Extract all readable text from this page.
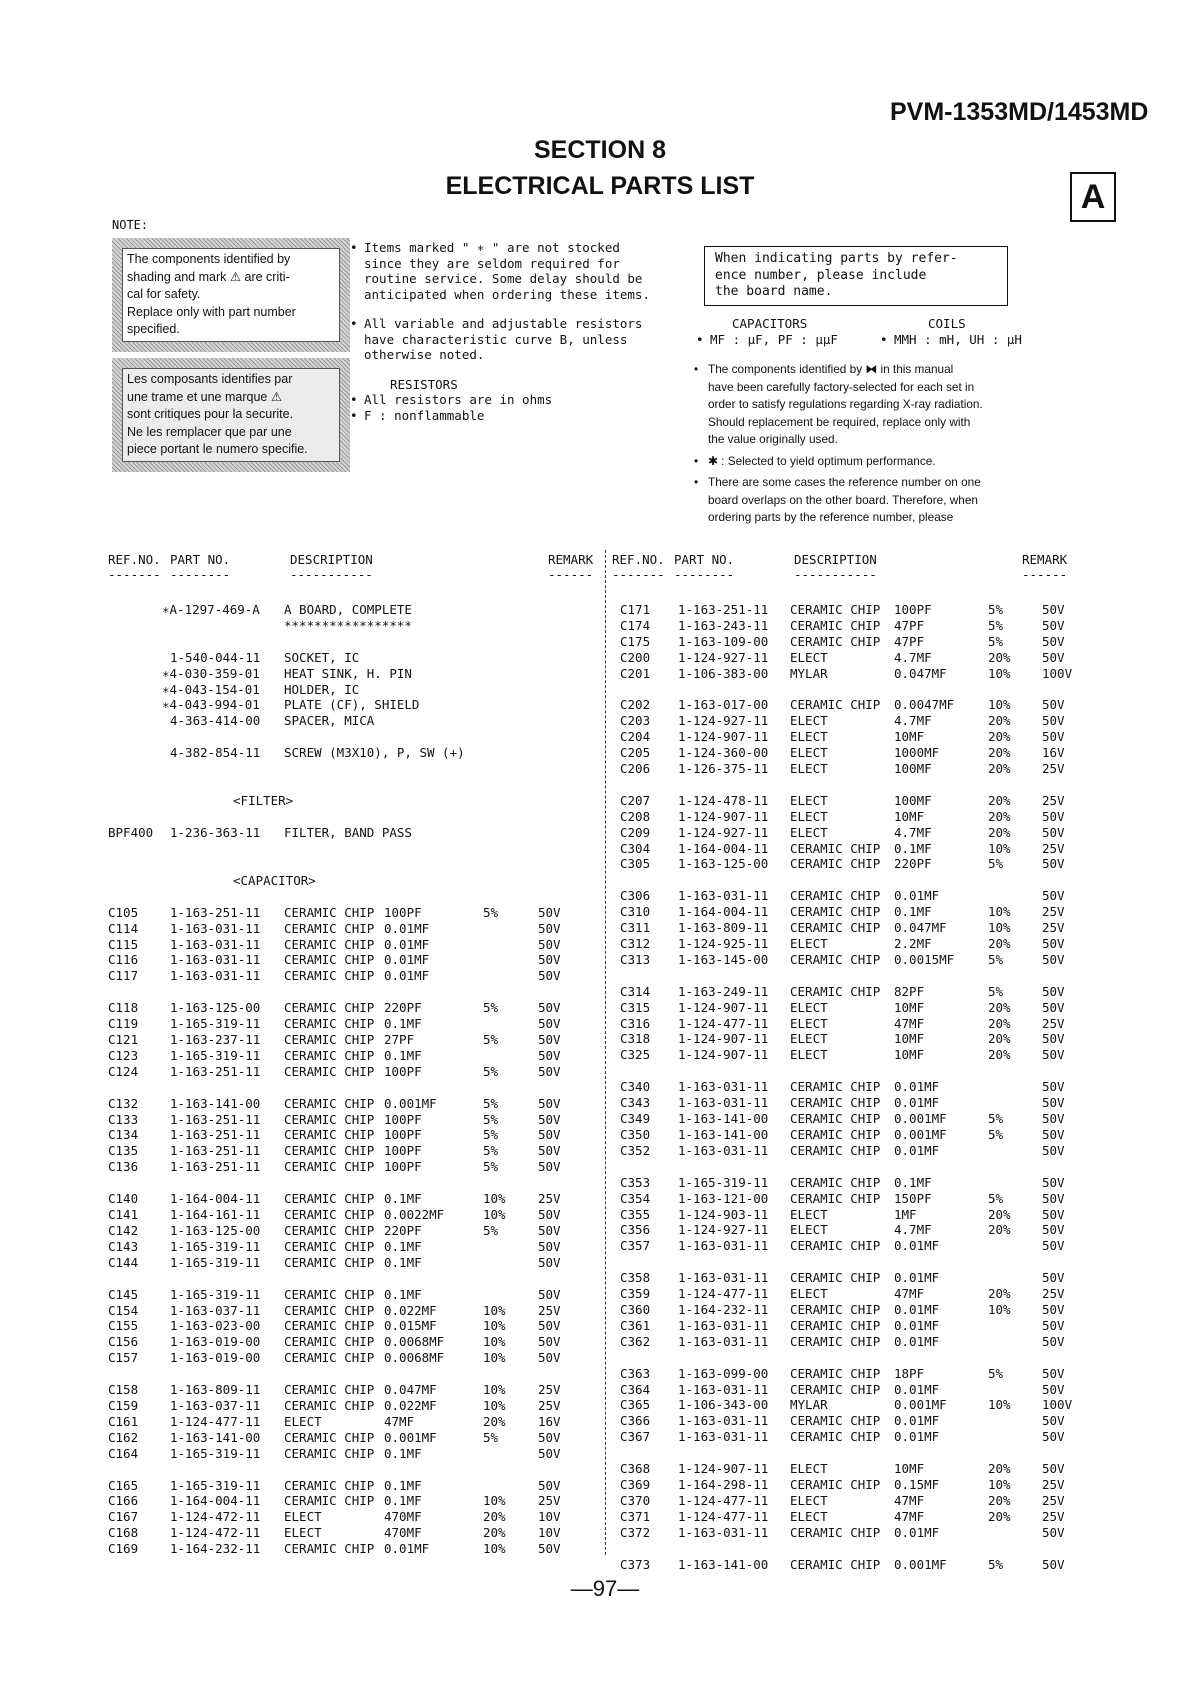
PVM-1353MD/1453MD
SECTION 8
ELECTRICAL PARTS LIST	A
NOTE:
The components identified by
shading and mark ⚠ are criti-
cal for safety.
Replace only with part number
specified.
Les composants identifies par
une trame et une marque ⚠
sont critiques pour la securite.
Ne les remplacer que par une
piece portant le numero specifie.

• Items marked " ∗ " are not stocked
since they are seldom required for
routine service. Some delay should be
anticipated when ordering these items.

• All variable and adjustable resistors
have characteristic curve B, unless
otherwise noted.

RESISTORS
• All resistors are in ohms
• F : nonflammable
When indicating parts by refer-
ence number, please include
the board name.
CAPACITORS	COILS
• MF : μF, PF : μμF	• MMH : mH, UH : μH

• The components identified by ⧓ in this manual
have been carefully factory-selected for each set in
order to satisfy regulations regarding X-ray radiation.
Should replacement be required, replace only with
the value originally used.

• ✱ : Selected to yield optimum performance.

• There are some cases the reference number on one
board overlaps on the other board. Therefore, when
ordering parts by the reference number, please

REF.NO. PART NO.	DESCRIPTION	REMARK
------- --------	-----------	------
∗A-1297-469-A A BOARD, COMPLETE
*****************
1-540-044-11 SOCKET, IC
∗4-030-359-01 HEAT SINK, H. PIN
∗4-043-154-01 HOLDER, IC
∗4-043-994-01 PLATE (CF), SHIELD
4-363-414-00 SPACER, MICA
4-382-854-11 SCREW (M3X10), P, SW (+)
<FILTER>
BPF400 1-236-363-11 FILTER, BAND PASS
<CAPACITOR>
C105	1-163-251-11 CERAMIC CHIP 100PF	5%	50V
C114	1-163-031-11 CERAMIC CHIP 0.01MF	50V
C115	1-163-031-11 CERAMIC CHIP 0.01MF	50V
C116	1-163-031-11 CERAMIC CHIP 0.01MF	50V
C117	1-163-031-11 CERAMIC CHIP 0.01MF	50V
C118	1-163-125-00 CERAMIC CHIP 220PF	5%	50V
C119	1-165-319-11 CERAMIC CHIP 0.1MF	50V
C121	1-163-237-11 CERAMIC CHIP 27PF	5%	50V
C123	1-165-319-11 CERAMIC CHIP 0.1MF	50V
C124	1-163-251-11 CERAMIC CHIP 100PF	5%	50V
C132	1-163-141-00 CERAMIC CHIP 0.001MF	5%	50V
C133	1-163-251-11 CERAMIC CHIP 100PF	5%	50V
C134	1-163-251-11 CERAMIC CHIP 100PF	5%	50V
C135	1-163-251-11 CERAMIC CHIP 100PF	5%	50V
C136	1-163-251-11 CERAMIC CHIP 100PF	5%	50V
C140	1-164-004-11 CERAMIC CHIP 0.1MF	10%	25V
C141	1-164-161-11 CERAMIC CHIP 0.0022MF	10%	50V
C142	1-163-125-00 CERAMIC CHIP 220PF	5%	50V
C143	1-165-319-11 CERAMIC CHIP 0.1MF	50V
C144	1-165-319-11 CERAMIC CHIP 0.1MF	50V
C145	1-165-319-11 CERAMIC CHIP 0.1MF	50V
C154	1-163-037-11 CERAMIC CHIP 0.022MF	10%	25V
C155	1-163-023-00 CERAMIC CHIP 0.015MF	10%	50V
C156	1-163-019-00 CERAMIC CHIP 0.0068MF	10%	50V
C157	1-163-019-00 CERAMIC CHIP 0.0068MF	10%	50V
C158	1-163-809-11 CERAMIC CHIP 0.047MF	10%	25V
C159	1-163-037-11 CERAMIC CHIP 0.022MF	10%	25V
C161	1-124-477-11 ELECT	47MF	20%	16V
C162	1-163-141-00 CERAMIC CHIP 0.001MF	5%	50V
C164	1-165-319-11 CERAMIC CHIP 0.1MF	50V
C165	1-165-319-11 CERAMIC CHIP 0.1MF	50V
C166	1-164-004-11 CERAMIC CHIP 0.1MF	10%	25V
C167	1-124-472-11 ELECT	470MF	20%	10V
C168	1-124-472-11 ELECT	470MF	20%	10V
C169	1-164-232-11 CERAMIC CHIP 0.01MF	10%	50V
REF.NO. PART NO.	DESCRIPTION	REMARK
------- --------	-----------	------
C171 1-163-251-11 CERAMIC CHIP 100PF	5%	50V
C174 1-163-243-11 CERAMIC CHIP 47PF	5%	50V
C175 1-163-109-00 CERAMIC CHIP 47PF	5%	50V
C200 1-124-927-11 ELECT	4.7MF	20%	50V
C201 1-106-383-00 MYLAR	0.047MF	10%	100V
C202 1-163-017-00 CERAMIC CHIP 0.0047MF	10%	50V
C203 1-124-927-11 ELECT	4.7MF	20%	50V
C204 1-124-907-11 ELECT	10MF	20%	50V
C205 1-124-360-00 ELECT	1000MF	20%	16V
C206 1-126-375-11 ELECT	100MF	20%	25V
C207 1-124-478-11 ELECT	100MF	20%	25V
C208 1-124-907-11 ELECT	10MF	20%	50V
C209 1-124-927-11 ELECT	4.7MF	20%	50V
C304 1-164-004-11 CERAMIC CHIP 0.1MF	10%	25V
C305 1-163-125-00 CERAMIC CHIP 220PF	5%	50V
C306 1-163-031-11 CERAMIC CHIP 0.01MF	50V
C310 1-164-004-11 CERAMIC CHIP 0.1MF	10%	25V
C311 1-163-809-11 CERAMIC CHIP 0.047MF	10%	25V
C312 1-124-925-11 ELECT	2.2MF	20%	50V
C313 1-163-145-00 CERAMIC CHIP 0.0015MF	5%	50V
C314 1-163-249-11 CERAMIC CHIP 82PF	5%	50V
C315 1-124-907-11 ELECT	10MF	20%	50V
C316 1-124-477-11 ELECT	47MF	20%	25V
C318 1-124-907-11 ELECT	10MF	20%	50V
C325 1-124-907-11 ELECT	10MF	20%	50V
C340 1-163-031-11 CERAMIC CHIP 0.01MF	50V
C343 1-163-031-11 CERAMIC CHIP 0.01MF	50V
C349 1-163-141-00 CERAMIC CHIP 0.001MF	5%	50V
C350 1-163-141-00 CERAMIC CHIP 0.001MF	5%	50V
C352 1-163-031-11 CERAMIC CHIP 0.01MF	50V
C353 1-165-319-11 CERAMIC CHIP 0.1MF	50V
C354 1-163-121-00 CERAMIC CHIP 150PF	5%	50V
C355 1-124-903-11 ELECT	1MF	20%	50V
C356 1-124-927-11 ELECT	4.7MF	20%	50V
C357 1-163-031-11 CERAMIC CHIP 0.01MF	50V
C358 1-163-031-11 CERAMIC CHIP 0.01MF	50V
C359 1-124-477-11 ELECT	47MF	20%	25V
C360 1-164-232-11 CERAMIC CHIP 0.01MF	10%	50V
C361 1-163-031-11 CERAMIC CHIP 0.01MF	50V
C362 1-163-031-11 CERAMIC CHIP 0.01MF	50V
C363 1-163-099-00 CERAMIC CHIP 18PF	5%	50V
C364 1-163-031-11 CERAMIC CHIP 0.01MF	50V
C365 1-106-343-00 MYLAR	0.001MF	10%	100V
C366 1-163-031-11 CERAMIC CHIP 0.01MF	50V
C367 1-163-031-11 CERAMIC CHIP 0.01MF	50V
C368 1-124-907-11 ELECT	10MF	20%	50V
C369 1-164-298-11 CERAMIC CHIP 0.15MF	10%	25V
C370 1-124-477-11 ELECT	47MF	20%	25V
C371 1-124-477-11 ELECT	47MF	20%	25V
C372 1-163-031-11 CERAMIC CHIP 0.01MF	50V
C373 1-163-141-00 CERAMIC CHIP 0.001MF	5%	50V
—97—
